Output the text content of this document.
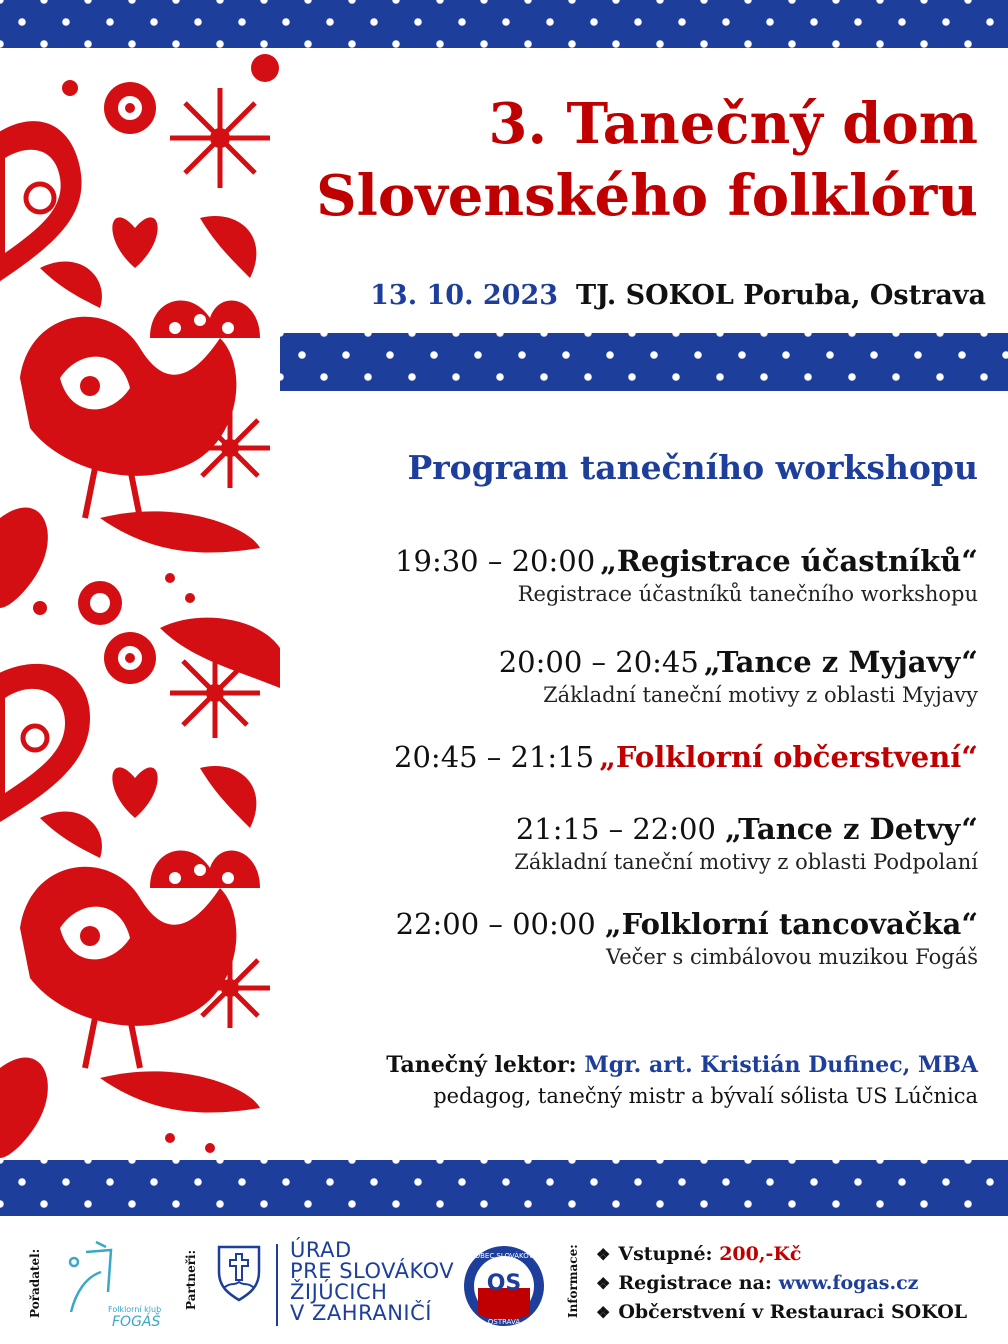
3. Tanečný dom
Slovenského folklóru
13. 10. 2023 TJ. SOKOL Poruba, Ostrava
Program tanečního workshopu
19:30 – 20:00 „Registrace účastníků“
Registrace účastníků tanečního workshopu
20:00 – 20:45 „Tance z Myjavy“
Základní taneční motivy z oblasti Myjavy
20:45 – 21:15 „Folklorní občerstvení“
21:15 – 22:00 „Tance z Detvy“
Základní taneční motivy z oblasti Podpolaní
22:00 – 00:00 „Folklorní tancovačka“
Večer s cimbálovou muzikou Fogáš
Tanečný lektor: Mgr. art. Kristián Dufinec, MBA
pedagog, tanečný mistr a bývalí sólista US Lúčnica
Pořadatel:	Folklorní klub
FOGÁŠ
Partneři:	ÚRAD
PRE SLOVÁKOV
ŽIJÚCICH
V ZAHRANIČÍ
OBEC SLOVÁKOV
OS
OSTRAVA
Informace: ❖ Vstupné: 200,-Kč
❖ Registrace na: www.fogas.cz
❖ Občerstvení v Restauraci SOKOL
